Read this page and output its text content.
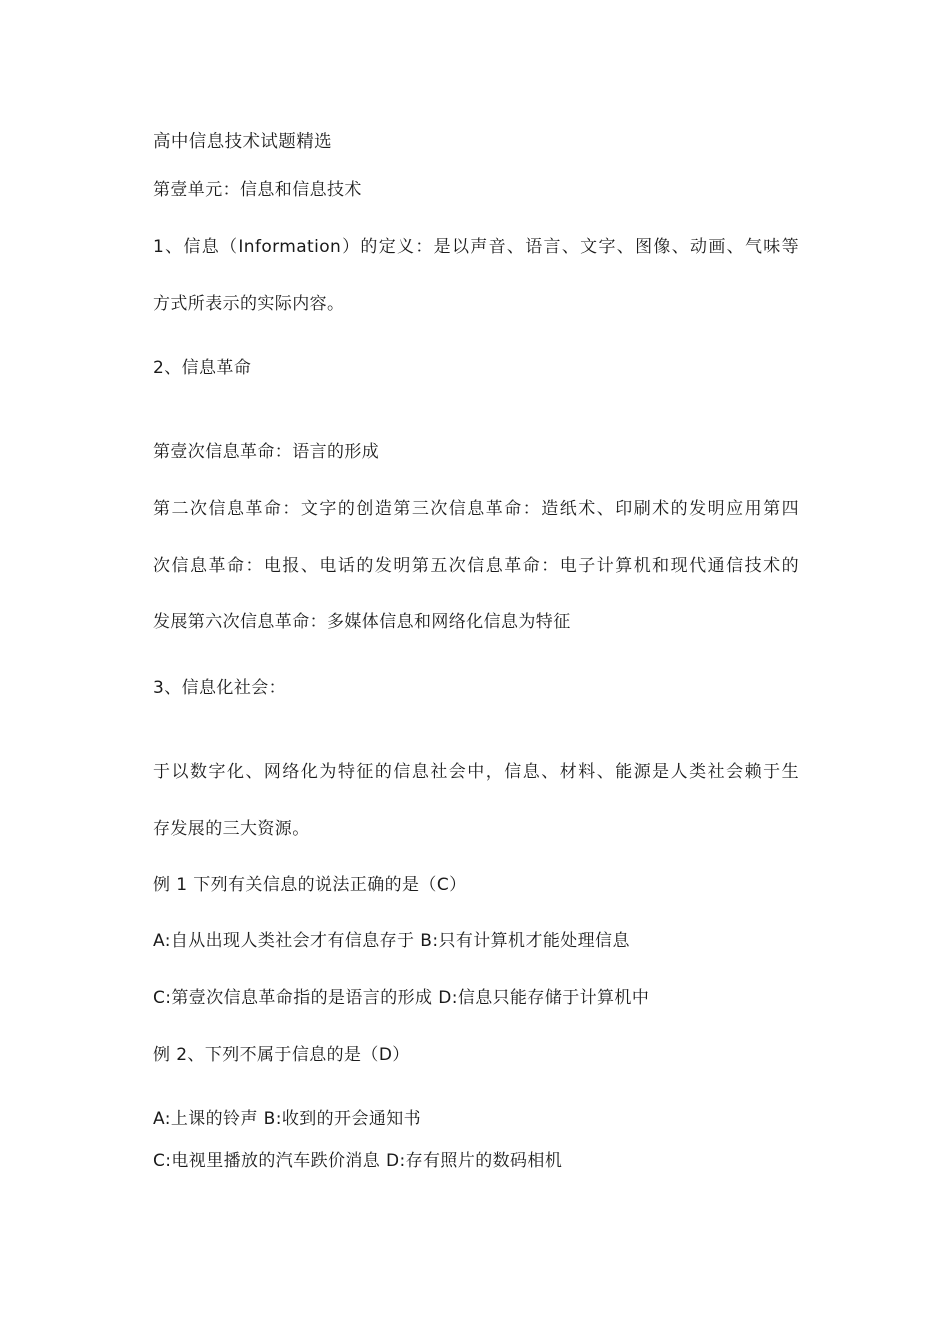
高中信息技术试题精选
第壹单元：信息和信息技术
1、信息（Information）的定义：是以声音、语言、文字、图像、动画、气味等
方式所表示的实际内容。
2、信息革命
第壹次信息革命：语言的形成
第二次信息革命：文字的创造第三次信息革命：造纸术、印刷术的发明应用第四
次信息革命：电报、电话的发明第五次信息革命：电子计算机和现代通信技术的
发展第六次信息革命：多媒体信息和网络化信息为特征
3、信息化社会：
于以数字化、网络化为特征的信息社会中，信息、材料、能源是人类社会赖于生
存发展的三大资源。
例 1 下列有关信息的说法正确的是（C）
A:自从出现人类社会才有信息存于 B:只有计算机才能处理信息
C:第壹次信息革命指的是语言的形成 D:信息只能存储于计算机中
例 2、下列不属于信息的是（D）
A:上课的铃声 B:收到的开会通知书
C:电视里播放的汽车跌价消息 D:存有照片的数码相机
